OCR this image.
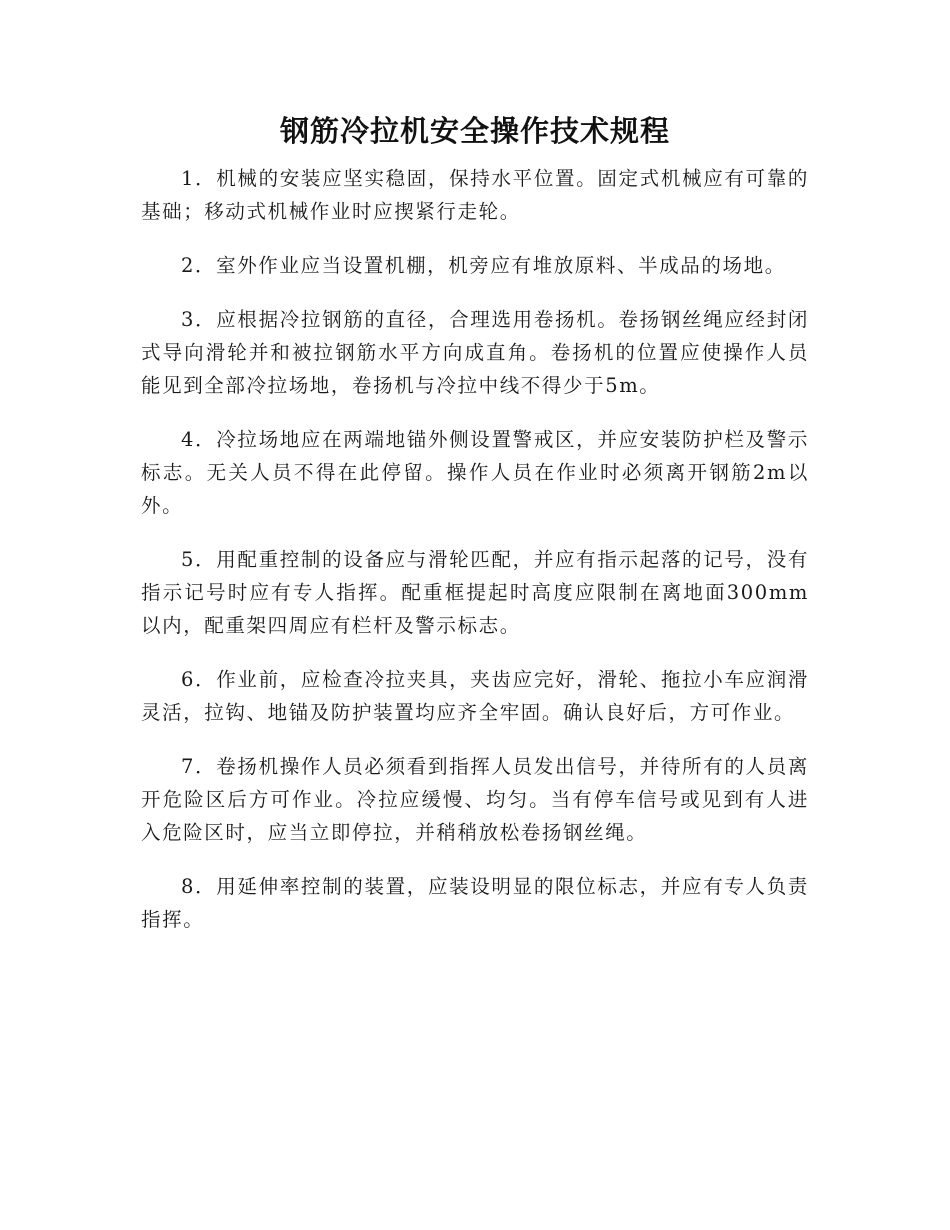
钢筋冷拉机安全操作技术规程

1．机械的安装应坚实稳固，保持水平位置。固定式机械应有可靠的基础；移动式机械作业时应揳紧行走轮。

2．室外作业应当设置机棚，机旁应有堆放原料、半成品的场地。

3．应根据冷拉钢筋的直径，合理选用卷扬机。卷扬钢丝绳应经封闭式导向滑轮并和被拉钢筋水平方向成直角。卷扬机的位置应使操作人员能见到全部冷拉场地，卷扬机与冷拉中线不得少于5m。

4．冷拉场地应在两端地锚外侧设置警戒区，并应安装防护栏及警示标志。无关人员不得在此停留。操作人员在作业时必须离开钢筋2m以外。

5．用配重控制的设备应与滑轮匹配，并应有指示起落的记号，没有指示记号时应有专人指挥。配重框提起时高度应限制在离地面300mm以内，配重架四周应有栏杆及警示标志。

6．作业前，应检查冷拉夹具，夹齿应完好，滑轮、拖拉小车应润滑灵活，拉钩、地锚及防护装置均应齐全牢固。确认良好后，方可作业。

7．卷扬机操作人员必须看到指挥人员发出信号，并待所有的人员离开危险区后方可作业。冷拉应缓慢、均匀。当有停车信号或见到有人进入危险区时，应当立即停拉，并稍稍放松卷扬钢丝绳。

8．用延伸率控制的装置，应装设明显的限位标志，并应有专人负责指挥。
